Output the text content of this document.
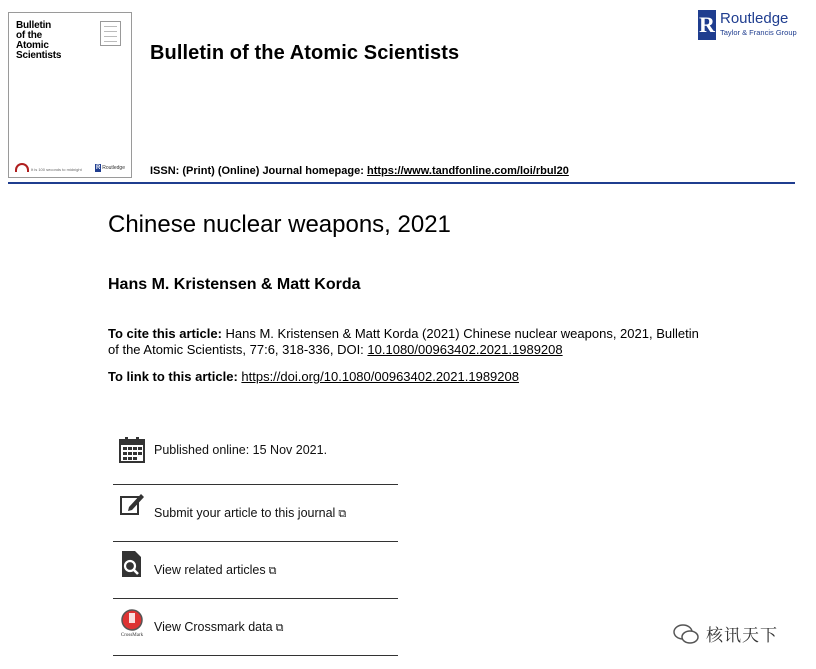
Bulletin
of the
Atomic
Scientists
It is 100 seconds to midnight R Routledge
Bulletin of the Atomic Scientists
ISSN: (Print) (Online) Journal homepage: https://www.tandfonline.com/loi/rbul20
R Routledge
Taylor & Francis Group
Chinese nuclear weapons, 2021
Hans M. Kristensen & Matt Korda
To cite this article: Hans M. Kristensen & Matt Korda (2021) Chinese nuclear weapons, 2021, Bulletin of the Atomic Scientists, 77:6, 318-336, DOI: 10.1080/00963402.2021.1989208
To link to this article: https://doi.org/10.1080/00963402.2021.1989208
Published online: 15 Nov 2021.
Submit your article to this journal ⧉
View related articles ⧉
CrossMark
View Crossmark data ⧉	核讯天下
